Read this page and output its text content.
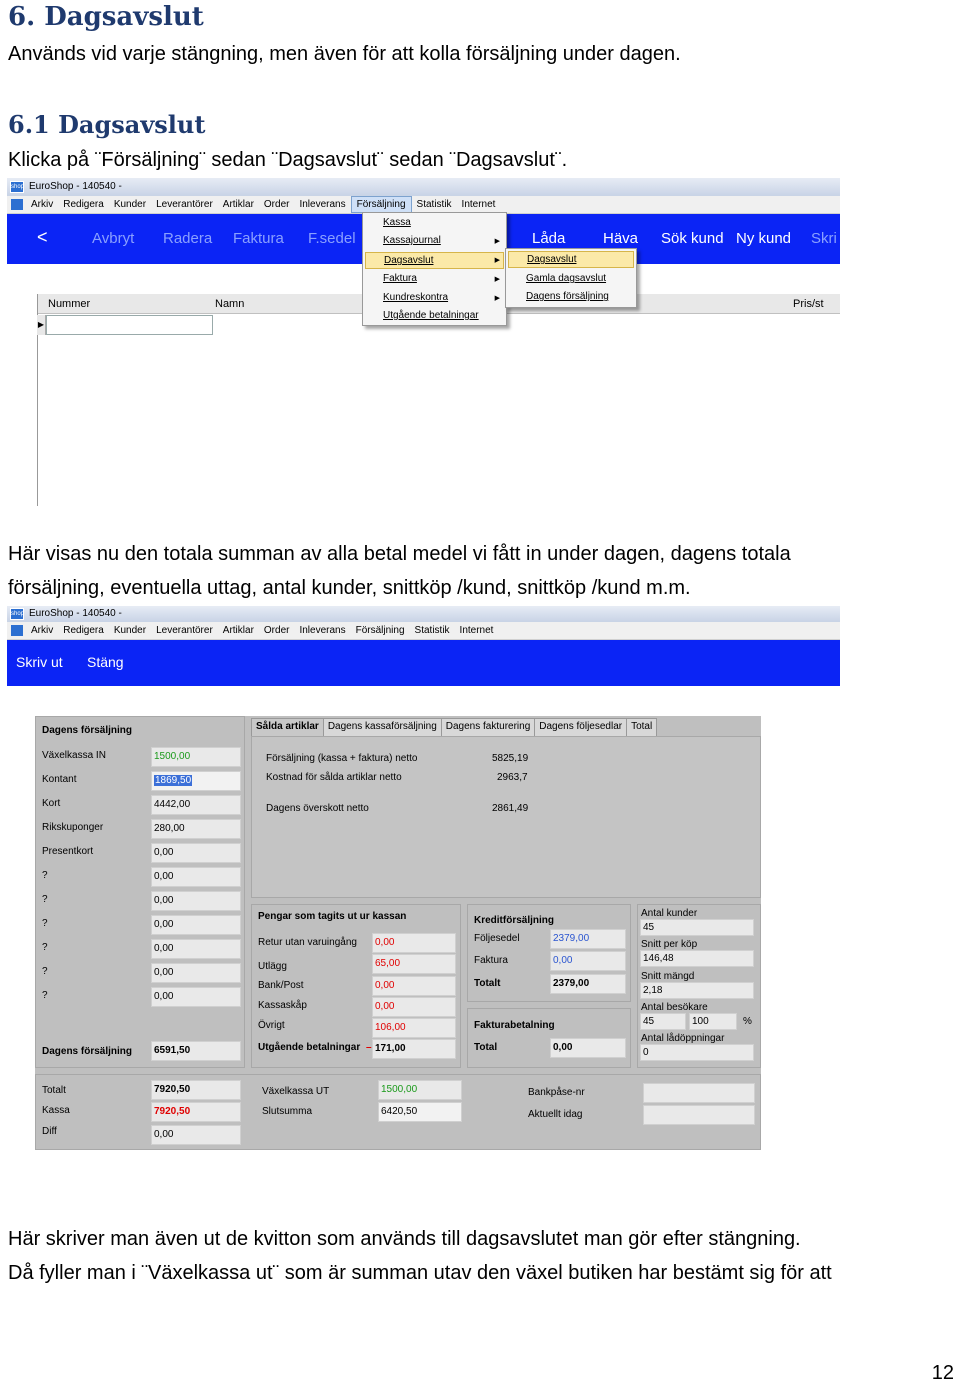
6. Dagsavslut
Används vid varje stängning, men även för att kolla försäljning under dagen.
6.1 Dagsavslut
Klicka på ¨Försäljning¨ sedan ¨Dagsavslut¨ sedan ¨Dagsavslut¨.
shop EuroShop - 140540 -
Arkiv Redigera Kunder Leverantörer Artiklar Order Inleverans Försäljning Statistik Internet
<	Avbryt Radera Faktura F.sedel	Låda	Häva Sök kund Ny kund Skri
Nummer	Namn	Pris/st
▶
Kassa
Kassajournal	▶
Dagsavslut	▶
Faktura	▶
Kundreskontra	▶
Utgående betalningar
Dagsavslut
Gamla dagsavslut
Dagens försäljning
Här visas nu den totala summan av alla betal medel vi fått in under dagen, dagens totala
försäljning, eventuella uttag, antal kunder, snittköp /kund, snittköp /kund m.m.
shop EuroShop - 140540 -
Arkiv Redigera Kunder Leverantörer Artiklar Order Inleverans Försäljning Statistik Internet
Skriv ut Stäng
Dagens försäljning
Växelkassa IN	1500,00
Kontant	1869,50
Kort	4442,00
Rikskuponger	280,00
Presentkort	0,00
?	0,00
?	0,00
?	0,00
?	0,00
?	0,00
?	0,00
Dagens försäljning	6591,50
Försäljning (kassa + faktura) netto	5825,19
Kostnad för sålda artiklar netto	2963,7
Dagens överskott netto	2861,49
Sålda artiklar Dagens kassaförsäljning Dagens fakturering Dagens följesedlar Total
Pengar som tagits ut ur kassan
Retur utan varuingång	0,00
Utlägg	65,00
Bank/Post	0,00
Kassaskåp	0,00
Övrigt	106,00
Utgående betalningar – 171,00
Kreditförsäljning
Följesedel	2379,00
Faktura	0,00
Totalt	2379,00
Fakturabetalning
Total	0,00
Antal kunder
45
Snitt per köp
146,48
Snitt mängd
2,18
Antal besökare
45	100	%
Antal lådöppningar
0
Totalt	7920,50
Kassa	7920,50
Diff	0,00
Växelkassa UT	1500,00
Slutsumma	6420,50
Bankpåse-nr
Aktuellt idag
Här skriver man även ut de kvitton som används till dagsavslutet man gör efter stängning.
Då fyller man i ¨Växelkassa ut¨ som är summan utav den växel butiken har bestämt sig för att
12
